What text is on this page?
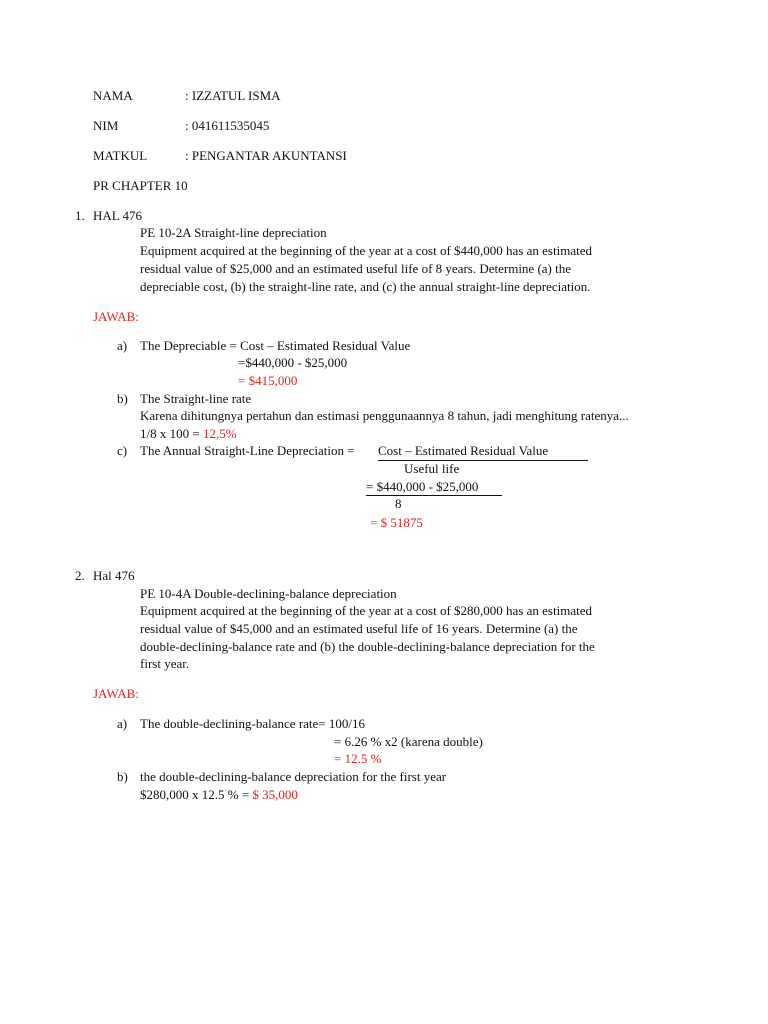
NAMA	: IZZATUL ISMA
NIM	: 041611535045
MATKUL	: PENGANTAR AKUNTANSI
PR CHAPTER 10
1. HAL 476
PE 10-2A Straight-line depreciation
Equipment acquired at the beginning of the year at a cost of $440,000 has an estimated
residual value of $25,000 and an estimated useful life of 8 years. Determine (a) the
depreciable cost, (b) the straight-line rate, and (c) the annual straight-line depreciation.
JAWAB:
a) The Depreciable = Cost – Estimated Residual Value
=$440,000 - $25,000
= $415,000
b) The Straight-line rate
Karena dihitungnya pertahun dan estimasi penggunaannya 8 tahun, jadi menghitung ratenya...
1/8 x 100 = 12,5%
c) The Annual Straight-Line Depreciation = Cost – Estimated Residual Value
Useful life
= $440,000 - $25,000
8
= $ 51875
2. Hal 476
PE 10-4A Double-declining-balance depreciation
Equipment acquired at the beginning of the year at a cost of $280,000 has an estimated
residual value of $45,000 and an estimated useful life of 16 years. Determine (a) the
double-declining-balance rate and (b) the double-declining-balance depreciation for the
first year.
JAWAB:
a) The double-declining-balance rate= 100/16
= 6.26 % x2 (karena double)
= 12.5 %
b) the double-declining-balance depreciation for the first year
$280,000 x 12.5 % = $ 35,000
